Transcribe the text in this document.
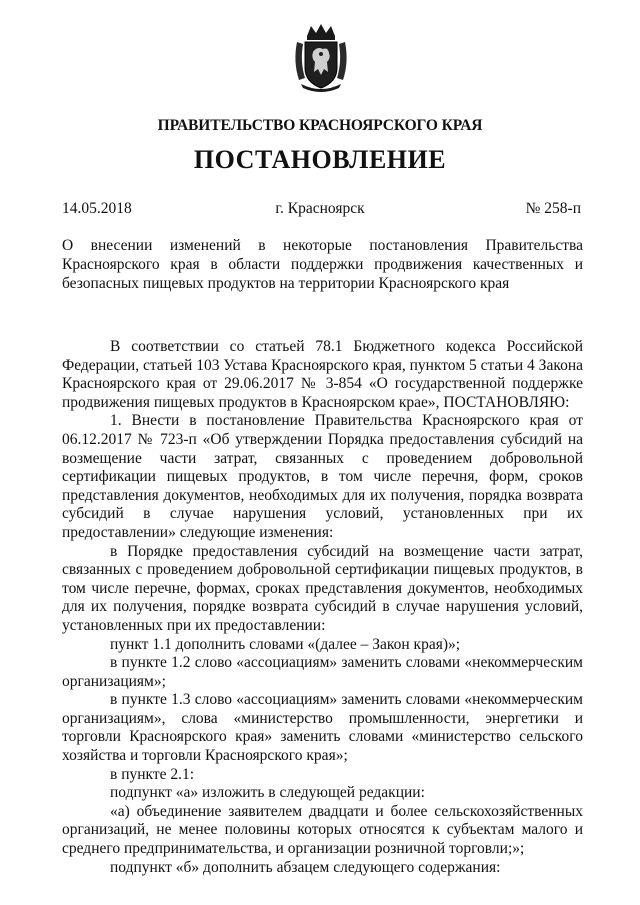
ПРАВИТЕЛЬСТВО КРАСНОЯРСКОГО КРАЯ
ПОСТАНОВЛЕНИЕ
14.05.2018	г. Красноярск	№ 258-п
О внесении изменений в некоторые постановления Правительства Красноярского края в области поддержки продвижения качественных и безопасных пищевых продуктов на территории Красноярского края

В соответствии со статьей 78.1 Бюджетного кодекса Российской Федерации, статьей 103 Устава Красноярского края, пунктом 5 статьи 4 Закона Красноярского края от 29.06.2017 № 3-854 «О государственной поддержке продвижения пищевых продуктов в Красноярском крае», ПОСТАНОВЛЯЮ:

1. Внести в постановление Правительства Красноярского края от 06.12.2017 № 723-п «Об утверждении Порядка предоставления субсидий на возмещение части затрат, связанных с проведением добровольной сертификации пищевых продуктов, в том числе перечня, форм, сроков представления документов, необходимых для их получения, порядка возврата субсидий в случае нарушения условий, установленных при их предоставлении» следующие изменения:

в Порядке предоставления субсидий на возмещение части затрат, связанных с проведением добровольной сертификации пищевых продуктов, в том числе перечне, формах, сроках представления документов, необходимых для их получения, порядке возврата субсидий в случае нарушения условий, установленных при их предоставлении:

пункт 1.1 дополнить словами «(далее – Закон края)»;

в пункте 1.2 слово «ассоциациям» заменить словами «некоммерческим организациям»;

в пункте 1.3 слово «ассоциациям» заменить словами «некоммерческим организациям», слова «министерство промышленности, энергетики и торговли Красноярского края» заменить словами «министерство сельского хозяйства и торговли Красноярского края»;

в пункте 2.1:

подпункт «а» изложить в следующей редакции:

«а) объединение заявителем двадцати и более сельскохозяйственных организаций, не менее половины которых относятся к субъектам малого и среднего предпринимательства, и организации розничной торговли;»;

подпункт «б» дополнить абзацем следующего содержания:
